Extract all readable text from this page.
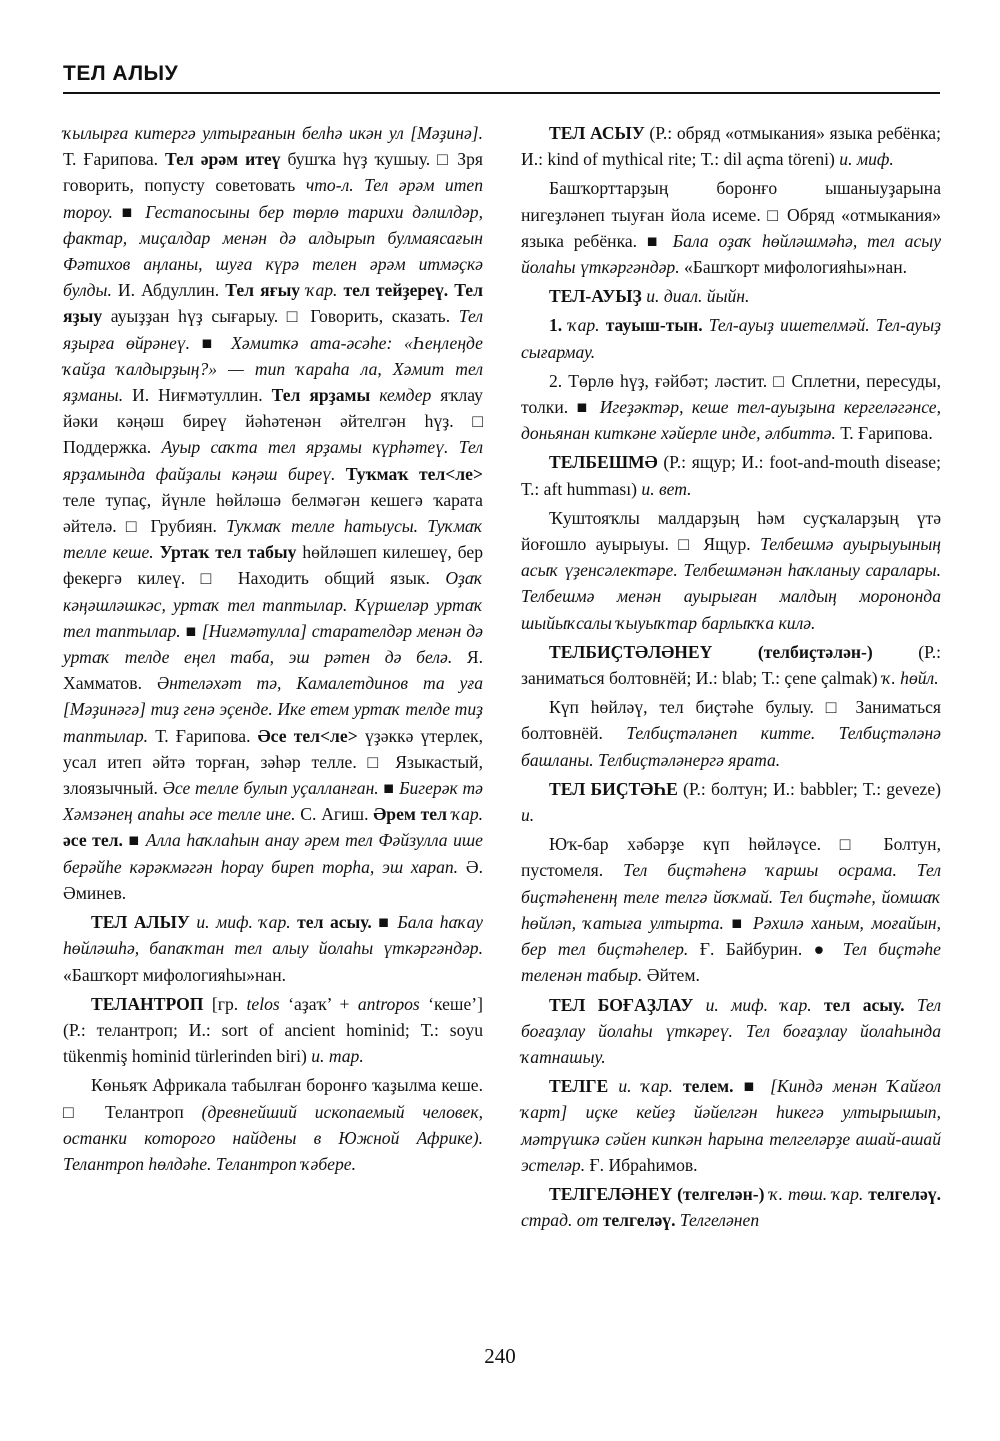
ТЕЛ АЛЫУ

ҡылырға китергә ултырғанын белһә икән ул [Мәҙинә]. Т. Ғарипова. Тел әрәм итеү бушҡа һүҙ ҡушыу. □ Зря говорить, попусту советовать что-л. Тел әрәм итеп тороу. ■ Гестапосыны бер төрлө тарихи дәлилдәр, фактар, миҫалдар менән дә алдырып булмаясағын Фәтихов аңланы, шуға күрә телен әрәм итмәҫкә булды. И. Абдуллин. Тел яғыу ҡар. тел тейҙереү. Тел яҙыу ауыҙҙан һүҙ сығарыу. □ Говорить, сказать. Тел яҙырға өйрәнеү. ■ Хәмиткә ата-әсәһе: «Һеңлеңде ҡайҙа ҡалдырҙың?» — тип ҡараһа ла, Хәмит тел яҙманы. И. Ниғмәтуллин. Тел ярҙамы кемдер яҡлау йәки кәңәш биреү йәһәтенән әйтелгән һүҙ. □ Поддержка. Ауыр саҡта тел ярҙамы күрһәтеү. Тел ярҙамында файҙалы кәңәш биреү. Туҡмаҡ тел<ле> теле тупаҫ, йүнле һөйләшә белмәгән кешегә ҡарата әйтелә. □ Грубиян. Туҡмаҡ телле һатыусы. Туҡмаҡ телле кеше. Уртаҡ тел табыу һөйләшеп килешеү, бер фекергә килеү. □ Находить общий язык. Оҙаҡ кәңәшләшкәс, уртаҡ тел таптылар. Күршеләр уртаҡ тел таптылар. ■ [Ниғмәтулла] старателдәр менән дә уртаҡ телде еңел таба, эш рәтен дә белә. Я. Хамматов. Әнтеләхәт тә, Камалетдинов та уға [Мәҙинәгә] тиҙ генә эҫенде. Ике етем уртаҡ телде тиҙ таптылар. Т. Ғарипова. Әсе тел<ле> үҙәккә үтерлек, усал итеп әйтә торған, зәһәр телле. □ Языкастый, злоязычный. Әсе телле булып уҫалланған. ■ Бигерәк тә Хәмзәнең апаһы әсе телле ине. С. Агиш. Әрем тел ҡар. әсе тел. ■ Алла һаҡлаһын анау әрем тел Фәйзулла ише берәйһе кәрәкмәгән һорау биреп торһа, эш харап. Ә. Әминев.

ТЕЛ АЛЫУ и. миф. ҡар. тел асыу. ■ Бала һаҡау һөйләшһә, бапаҡтан тел алыу йолаһы үткәргәндәр. «Башҡорт мифологияһы»нан.

ТЕЛАНТРОП [гр. telos ‘аҙаҡ’ + antropos ‘кеше’] (Р.: телантроп; И.: sort of ancient hominid; Т.: soyu tükenmiş hominid türlerinden biri) и. тар.

Көньяҡ Африкала табылған боронғо ҡаҙылма кеше. □ Телантроп (древнейший ископаемый человек, останки которого найдены в Южной Африке). Телантроп һөлдәһе. Телантроп ҡәбере.

ТЕЛ АСЫУ (Р.: обряд «отмыкания» языка ребёнка; И.: kind of mythical rite; Т.: dil açma töreni) и. миф.

Башҡорттарҙың боронғо ышаныуҙарына нигеҙләнеп тыуған йола исеме. □ Обряд «отмыкания» языка ребёнка. ■ Бала оҙаҡ һөйләшмәһә, тел асыу йолаһы үткәргәндәр. «Башҡорт мифологияһы»нан.

ТЕЛ-АУЫҘ и. диал. йыйн.

1. ҡар. тауыш-тын. Тел-ауыҙ ишетелмәй. Тел-ауыҙ сығармау.

2. Төрлө һүҙ, ғәйбәт; ләстит. □ Сплетни, пересуды, толки. ■ Игеҙәктәр, кеше тел-ауыҙына кергеләгәнсе, доньянан киткәне хәйерле инде, әлбиттә. Т. Ғарипова.

ТЕЛБЕШМӘ (Р.: ящур; И.: foot-and-mouth disease; Т.: aft humması) и. вет.

Ҡуштояҡлы малдарҙың һәм суҫҡаларҙың үтә йоғошло ауырыуы. □ Ящур. Телбешмә ауырыуының асыҡ үҙенсәлектәре. Телбешмәнән һаҡланыу саралары. Телбешмә менән ауырыған малдың морононда шыйыҡсалы ҡыуыҡтар барлыҡҡа килә.

ТЕЛБИҪТӘЛӘНЕҮ (телбиҫтәлән-) (Р.: заниматься болтовнёй; И.: blab; Т.: çene çalmak) ҡ. һөйл.

Күп һөйләү, тел биҫтәһе булыу. □ Заниматься болтовнёй. Телбиҫтәләнеп китте. Телбиҫтәләнә башланы. Телбиҫтәләнергә ярата.

ТЕЛ БИҪТӘҺЕ (Р.: болтун; И.: babbler; Т.: geveze) и.

Юҡ-бар хәбәрҙе күп һөйләүсе. □ Болтун, пустомеля. Тел биҫтәһенә ҡаршы осрама. Тел биҫтәһененң теле телгә йоҡмай. Тел биҫтәһе, йомшаҡ һөйләп, ҡатыға ултырта. ■ Рәхилә ханым, моғайын, бер тел биҫтәһелер. Ғ. Байбурин. ● Тел биҫтәһе теленән табыр. Әйтем.

ТЕЛ БОҒАҘЛАУ и. миф. ҡар. тел асыу. Тел боғаҙлау йолаһы үткәреү. Тел боғаҙлау йолаһында ҡатнашыу.

ТЕЛГЕ и. ҡар. телем. ■ [Киндә менән Ҡайғол ҡарт] иҫке кейеҙ йәйелгән һикегә ултырышып, мәтрүшкә сәйен кипкән һарына телгеләрҙе ашай-ашай эстеләр. Ғ. Ибраһимов.

ТЕЛГЕЛӘНЕҮ (телгелән-) ҡ. төш. ҡар. телгеләү. страд. от телгеләү. Телгеләнеп

240
